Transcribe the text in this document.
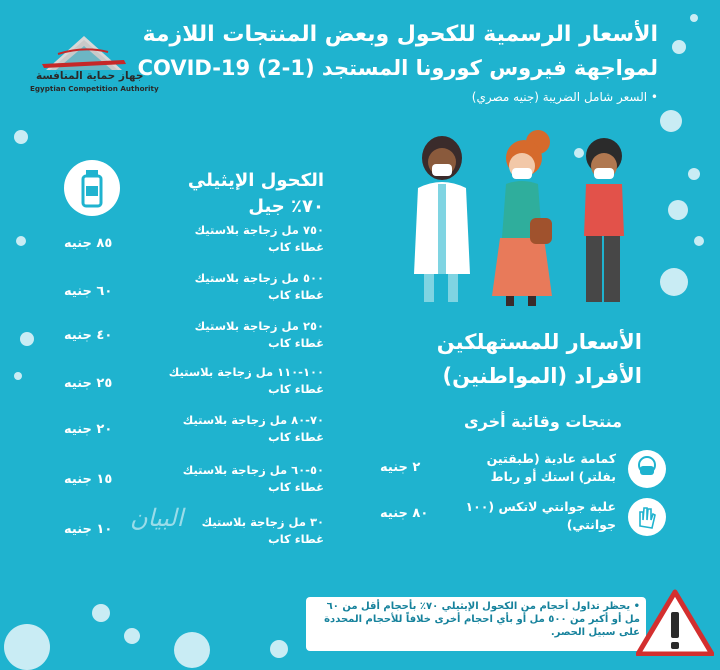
جهاز حماية المنافسة
Egyptian Competition Authority
الأسعار الرسمية للكحول وبعض المنتجات اللازمة
لمواجهة فيروس كورونا المستجد COVID-19 (2-1)
• السعر شامل الضريبة (جنيه مصري)
الكحول الإيثيلي
٧٠٪ جيل
٧٥٠ مل زجاجة بلاستيك
غطاء كاب
٨٥ جنيه
٥٠٠ مل زجاجة بلاستيك
غطاء كاب
٦٠ جنيه
٢٥٠ مل زجاجة بلاستيك
غطاء كاب
٤٠ جنيه
١٠٠-١١٠ مل زجاجة بلاستيك
غطاء كاب
٢٥ جنيه
٧٠-٨٠ مل زجاجة بلاستيك
غطاء كاب
٢٠ جنيه
٥٠-٦٠ مل زجاجة بلاستيك
غطاء كاب
١٥ جنيه
٣٠ مل زجاجة بلاستيك
غطاء كاب
١٠ جنيه البيان
الأسعار للمستهلكين
الأفراد (المواطنين)
منتجات وقائية أخرى
كمامة عادية (طبقتين
بفلتر) استك أو رباط
٢ جنيه
علبة جوانتي لاتكس (١٠٠
جوانتي)
٨٠ جنيه
• يحظر تداول أحجام من الكحول الإيثيلي ٧٠٪ بأحجام أقل من ٦٠ مل أو أكبر من ٥٠٠ مل أو بأي احجام أخرى خلافاً للأحجام المحددة على سبيل الحصر.
